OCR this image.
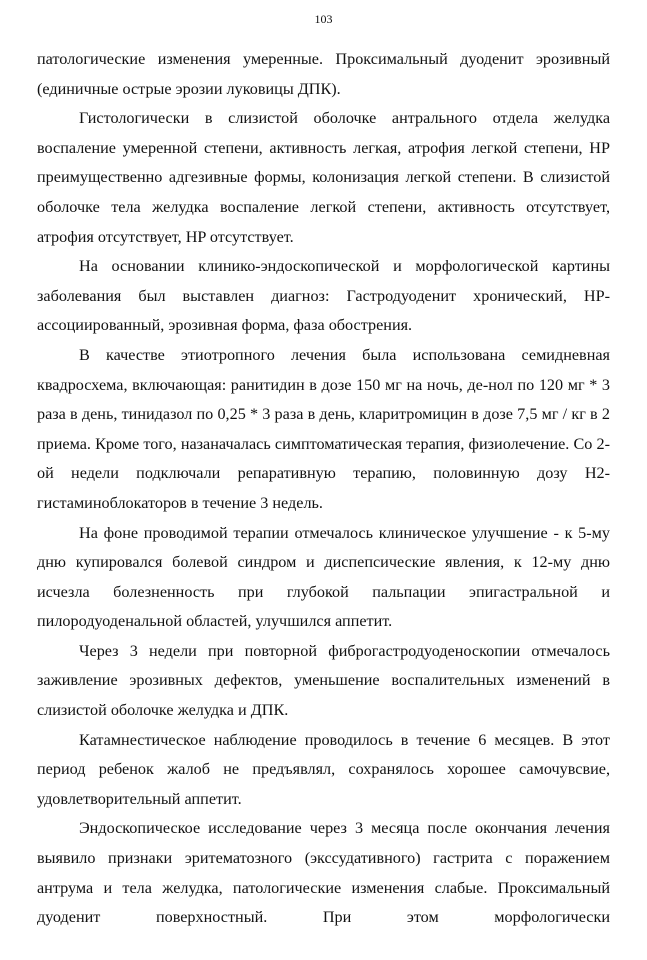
103

патологические изменения умеренные. Проксимальный дуоденит эрозивный (единичные острые эрозии луковицы ДПК).

Гистологически в слизистой оболочке антрального отдела желудка воспаление умеренной степени, активность легкая, атрофия легкой степени, HP преимущественно адгезивные формы, колонизация легкой степени. В слизистой оболочке тела желудка воспаление легкой степени, активность отсутствует, атрофия отсутствует, HP отсутствует.

На основании клинико-эндоскопической и морфологической картины заболевания был выставлен диагноз: Гастродуоденит хронический, HP-ассоциированный, эрозивная форма, фаза обострения.

В качестве этиотропного лечения была использована семидневная квадросхема, включающая: ранитидин в дозе 150 мг на ночь, де-нол по 120 мг * 3 раза в день, тинидазол по 0,25 * 3 раза в день, кларитромицин в дозе 7,5 мг / кг в 2 приема. Кроме того, назаначалась симптоматическая терапия, физиолечение. Со 2-ой недели подключали репаративную терапию, половинную дозу Н2-гистаминоблокаторов в течение 3 недель.

На фоне проводимой терапии отмечалось клиническое улучшение - к 5-му дню купировался болевой синдром и диспепсические явления, к 12-му дню исчезла болезненность при глубокой пальпации эпигастральной и пилородуоденальной областей, улучшился аппетит.

Через 3 недели при повторной фиброгастродуоденоскопии отмечалось заживление эрозивных дефектов, уменьшение воспалительных изменений в слизистой оболочке желудка и ДПК.

Катамнестическое наблюдение проводилось в течение 6 месяцев. В этот период ребенок жалоб не предъявлял, сохранялось хорошее самочувсвие, удовлетворительный аппетит.

Эндоскопическое исследование через 3 месяца после окончания лечения выявило признаки эритематозного (экссудативного) гастрита с поражением антрума и тела желудка, патологические изменения слабые. Проксимальный дуоденит поверхностный. При этом морфологически
